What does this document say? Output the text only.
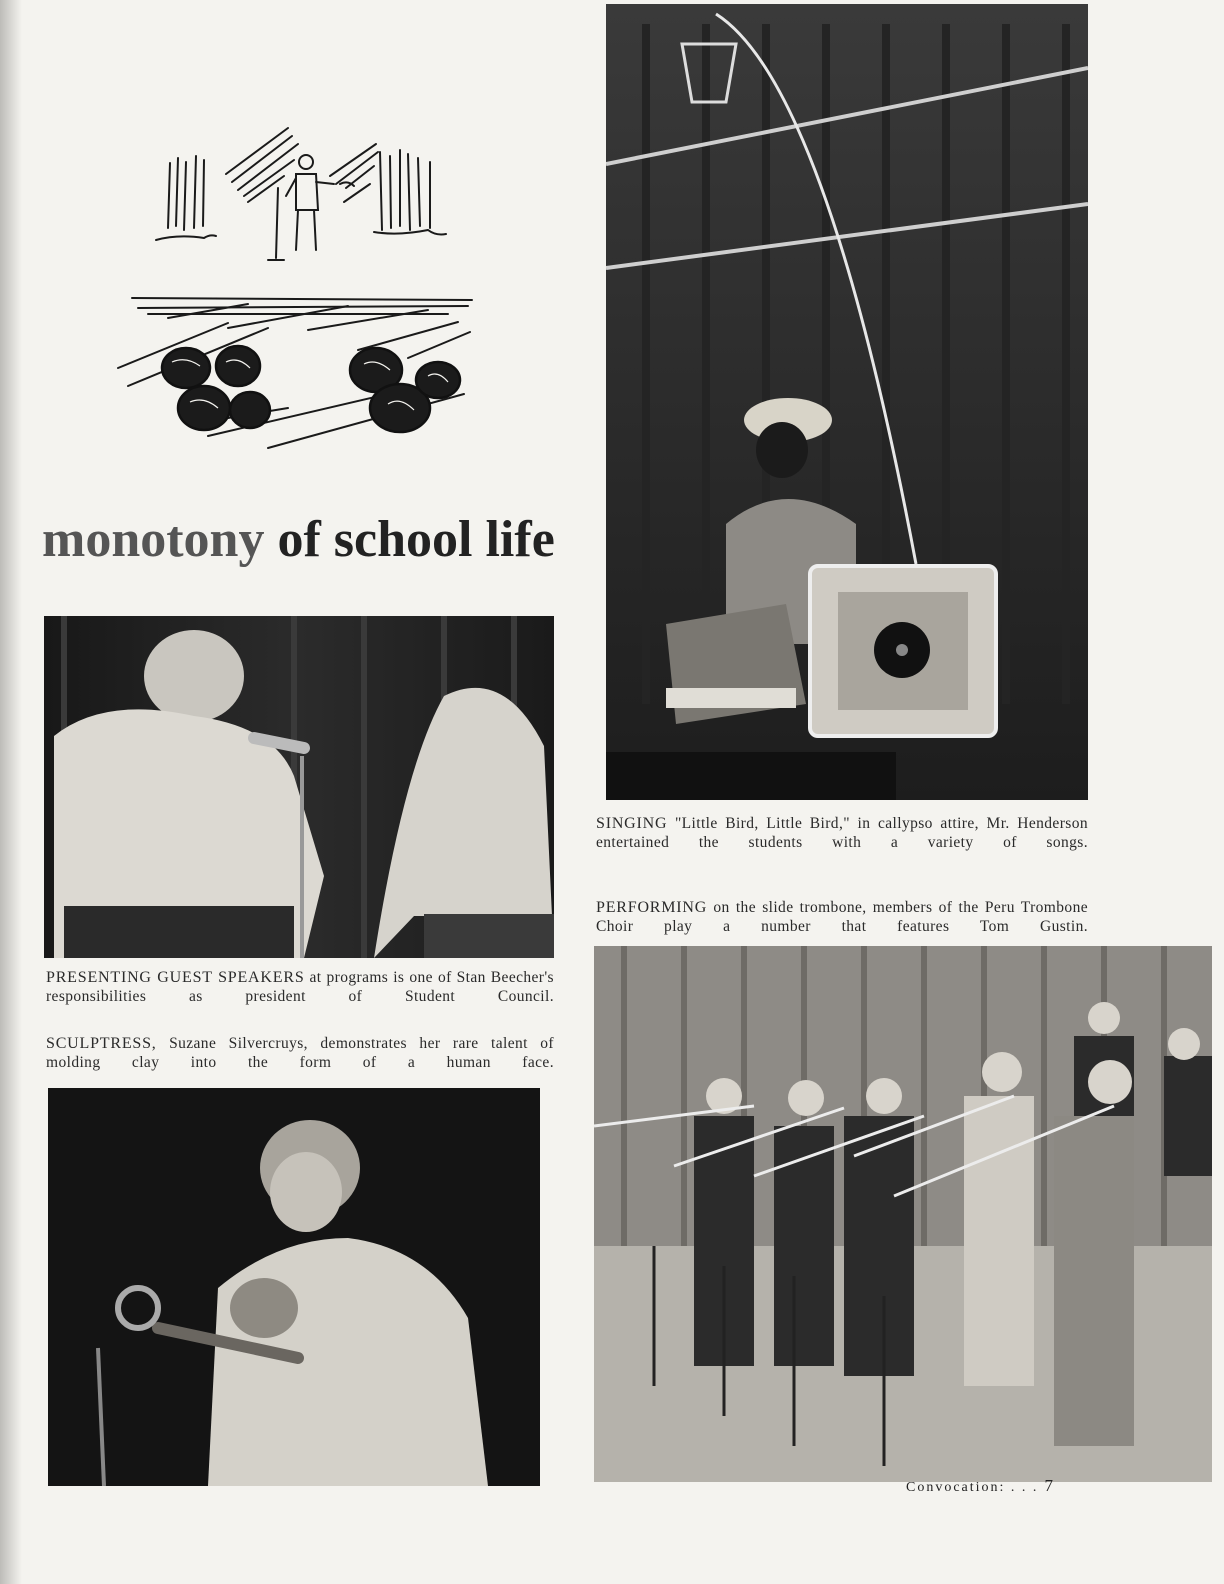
monotony of school life
PRESENTING GUEST SPEAKERS at programs is one of Stan Beecher's responsibilities as president of Student Council.
SCULPTRESS, Suzane Silvercruys, demonstrates her rare talent of molding clay into the form of a human face.
SINGING "Little Bird, Little Bird," in callypso attire, Mr. Henderson entertained the students with a variety of songs.
PERFORMING on the slide trombone, members of the Peru Trombone Choir play a number that features Tom Gustin.
Convocation: . . . 7
